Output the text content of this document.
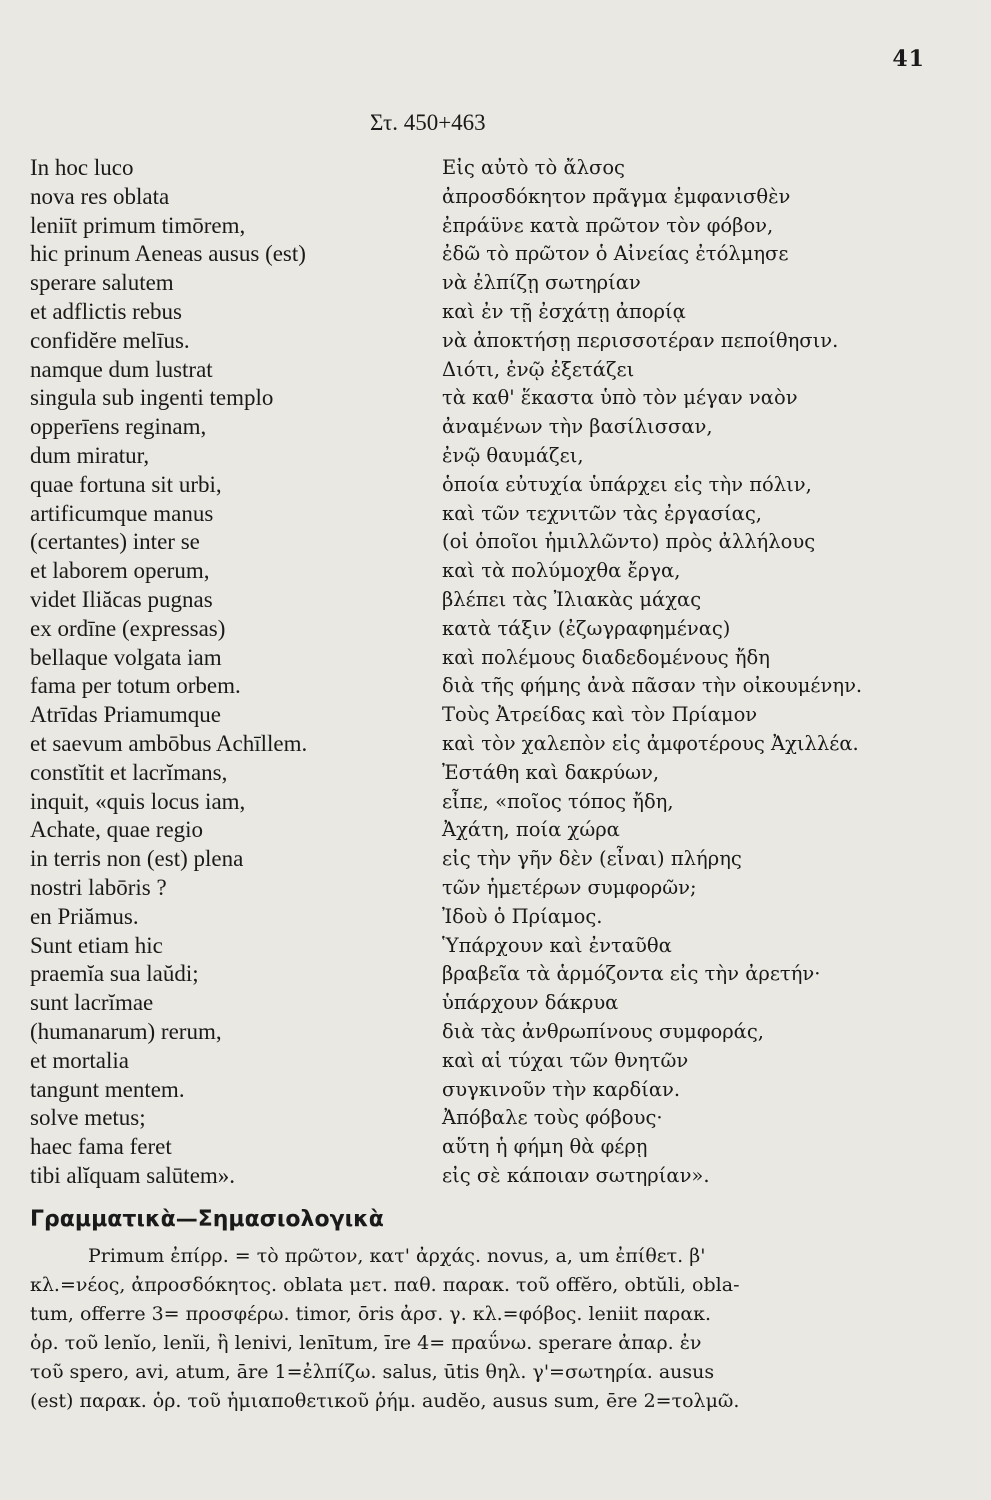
41
Στ. 450+463
In hoc luco
nova res oblata
leniīt primum timōrem,
hic prinum Aeneas ausus (est)
sperare salutem
et adflictis rebus
confidĕre melīus.
namque dum lustrat
singula sub ingenti templo
opperīens reginam,
dum miratur,
quae fortuna sit urbi,
artificumque manus
(certantes) inter se
et laborem operum,
videt Iliăcas pugnas
ex ordīne (expressas)
bellaque volgata iam
fama per totum orbem.
Atrīdas Priamumque
et saevum ambōbus Achīllem.
constĭtit et lacrĭmans,
inquit, «quis locus iam,
Achate, quae regio
in terris non (est) plena
nostri labōris ?
en Priămus.
Sunt etiam hic
praemĭa sua laŭdi;
sunt lacrĭmae
(humanarum) rerum,
et mortalia
tangunt mentem.
solve metus;
haec fama feret
tibi alĭquam salūtem».
Εἰς αὐτὸ τὸ ἄλσος
ἀπροσδόκητον πρᾶγμα ἐμφανισθὲν
ἐπράϋνε κατὰ πρῶτον τὸν φόβον,
ἐδῶ τὸ πρῶτον ὁ Αἰνείας ἐτόλμησε
νὰ ἐλπίζῃ σωτηρίαν
καὶ ἐν τῇ ἐσχάτῃ ἀπορίᾳ
νὰ ἀποκτήσῃ περισσοτέραν πεποίθησιν.
Διότι, ἐνῷ ἐξετάζει
τὰ καθ' ἕκαστα ὑπὸ τὸν μέγαν ναὸν
ἀναμένων τὴν βασίλισσαν,
ἐνῷ θαυμάζει,
ὁποία εὐτυχία ὑπάρχει εἰς τὴν πόλιν,
καὶ τῶν τεχνιτῶν τὰς ἐργασίας,
(οἱ ὁποῖοι ἡμιλλῶντο) πρὸς ἀλλήλους
καὶ τὰ πολύμοχθα ἔργα,
βλέπει τὰς Ἰλιακὰς μάχας
κατὰ τάξιν (ἐζωγραφημένας)
καὶ πολέμους διαδεδομένους ἤδη
διὰ τῆς φήμης ἀνὰ πᾶσαν τὴν οἰκουμένην.
Τοὺς Ἀτρείδας καὶ τὸν Πρίαμον
καὶ τὸν χαλεπὸν εἰς ἀμφοτέρους Ἀχιλλέα.
Ἐστάθη καὶ δακρύων,
εἶπε, «ποῖος τόπος ἤδη,
Ἀχάτη, ποία χώρα
εἰς τὴν γῆν δὲν (εἶναι) πλήρης
τῶν ἡμετέρων συμφορῶν;
Ἰδοὺ ὁ Πρίαμος.
Ὑπάρχουν καὶ ἐνταῦθα
βραβεῖα τὰ ἁρμόζοντα εἰς τὴν ἀρετήν·
ὑπάρχουν δάκρυα
διὰ τὰς ἀνθρωπίνους συμφοράς,
καὶ αἱ τύχαι τῶν θνητῶν
συγκινοῦν τὴν καρδίαν.
Ἀπόβαλε τοὺς φόβους·
αὕτη ἡ φήμη θὰ φέρῃ
εἰς σὲ κάποιαν σωτηρίαν».
Γραμματικὰ—Σημασιολογικὰ

Primum ἐπίρρ. = τὸ πρῶτον, κατ' ἀρχάς. novus, a, um ἐπίθετ. β'
κλ.=νέος, ἀπροσδόκητος. oblata μετ. παθ. παρακ. τοῦ offĕro, obtŭli, obla-
tum, offerre 3= προσφέρω. timor, ōris ἀρσ. γ. κλ.=φόβος. leniit παρακ.
ὁρ. τοῦ lenĭo, lenĭi, ἢ lenivi, lenītum, īre 4= πραΰνω. sperare ἀπαρ. ἐν
τοῦ spero, avi, atum, āre 1=ἐλπίζω. salus, ūtis θηλ. γ'=σωτηρία. ausus
(est) παρακ. ὁρ. τοῦ ἡμιαποθετικοῦ ῥήμ. audĕo, ausus sum, ēre 2=τολμῶ.
